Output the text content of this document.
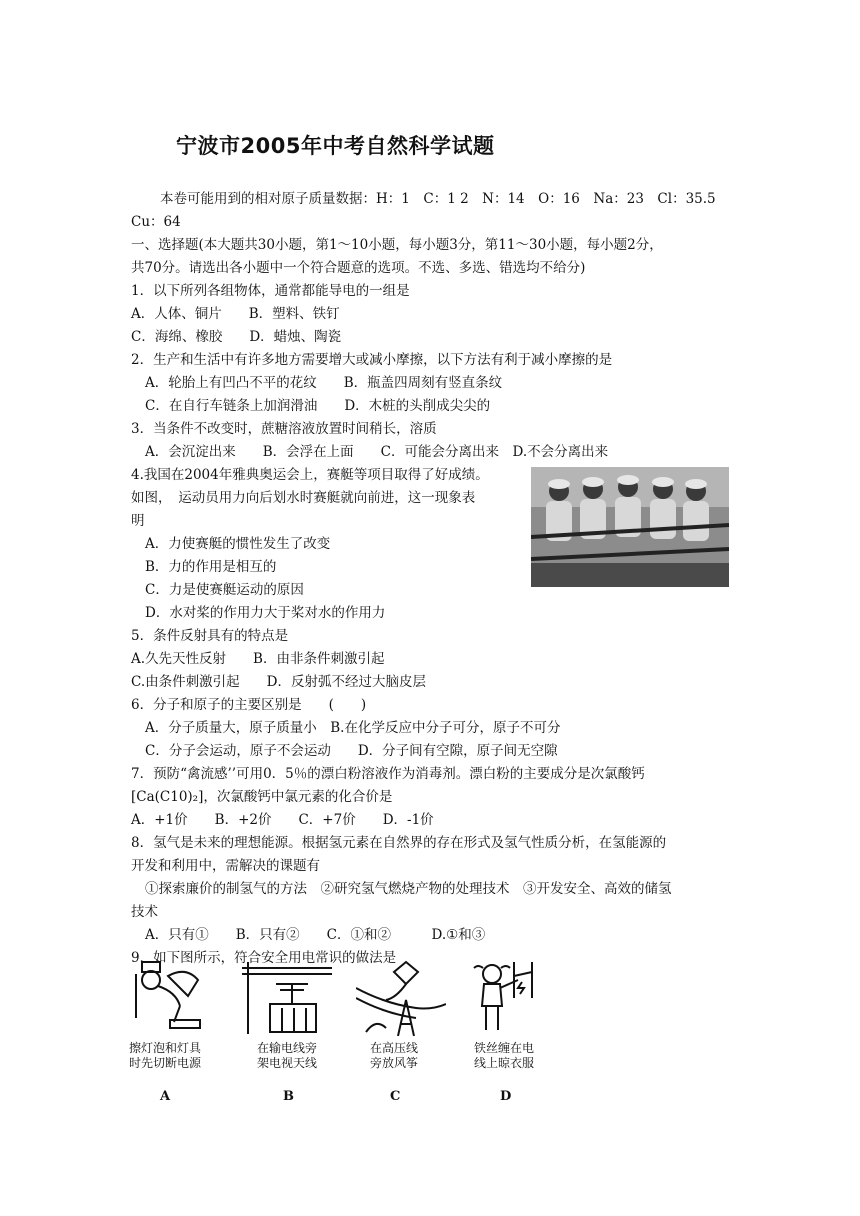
宁波市2005年中考自然科学试题
本卷可能用到的相对原子质量数据：H：1　C：1 2　N：14　O：16　Na：23　Cl：35.5
Cu：64
一、选择题(本大题共30小题，第1～10小题，每小题3分，第11～30小题，每小题2分，
共70分。请选出各小题中一个符合题意的选项。不选、多选、错选均不给分)
1．以下所列各组物体，通常都能导电的一组是
A．人体、铜片　　B．塑料、铁钉
C．海绵、橡胶　　D．蜡烛、陶瓷
2．生产和生活中有许多地方需要增大或减小摩擦，以下方法有利于减小摩擦的是
A．轮胎上有凹凸不平的花纹　　B．瓶盖四周刻有竖直条纹
C．在自行车链条上加润滑油　　D．木桩的头削成尖尖的
3．当条件不改变时，蔗糖溶液放置时间稍长，溶质
A．会沉淀出来　　B．会浮在上面　　C．可能会分离出来　D.不会分离出来
4.我国在2004年雅典奥运会上，赛艇等项目取得了好成绩。
如图，　运动员用力向后划水时赛艇就向前进，这一现象表
明
A．力使赛艇的惯性发生了改变
B．力的作用是相互的
C．力是使赛艇运动的原因
D．水对桨的作用力大于桨对水的作用力
5．条件反射具有的特点是
A.久先天性反射　　B．由非条件刺激引起
C.由条件刺激引起　　D．反射弧不经过大脑皮层
6．分子和原子的主要区别是　　(　　)
A．分子质量大，原子质量小　B.在化学反应中分子可分，原子不可分
C．分子会运动，原子不会运动　　D．分子间有空隙，原子间无空隙
7．预防“禽流感’’可用0．5％的漂白粉溶液作为消毒剂。漂白粉的主要成分是次氯酸钙
[Ca(C10)₂]，次氯酸钙中氯元素的化合价是
A．+1价　　B．+2价　　C．+7价　　D．-1价
8．氢气是未来的理想能源。根据氢元素在自然界的存在形式及氢气性质分析，在氢能源的
开发和利用中，需解决的课题有
①探索廉价的制氢气的方法　②研究氢气燃烧产物的处理技术　③开发安全、高效的储氢
技术
A．只有①　　B．只有②　　C．①和②　　　D.①和③
9．如下图所示，符合安全用电常识的做法是
擦灯泡和灯具
时先切断电源
A
在输电线旁
架电视天线
B
在高压线
旁放风筝
C
铁丝缠在电
线上晾衣服
D
